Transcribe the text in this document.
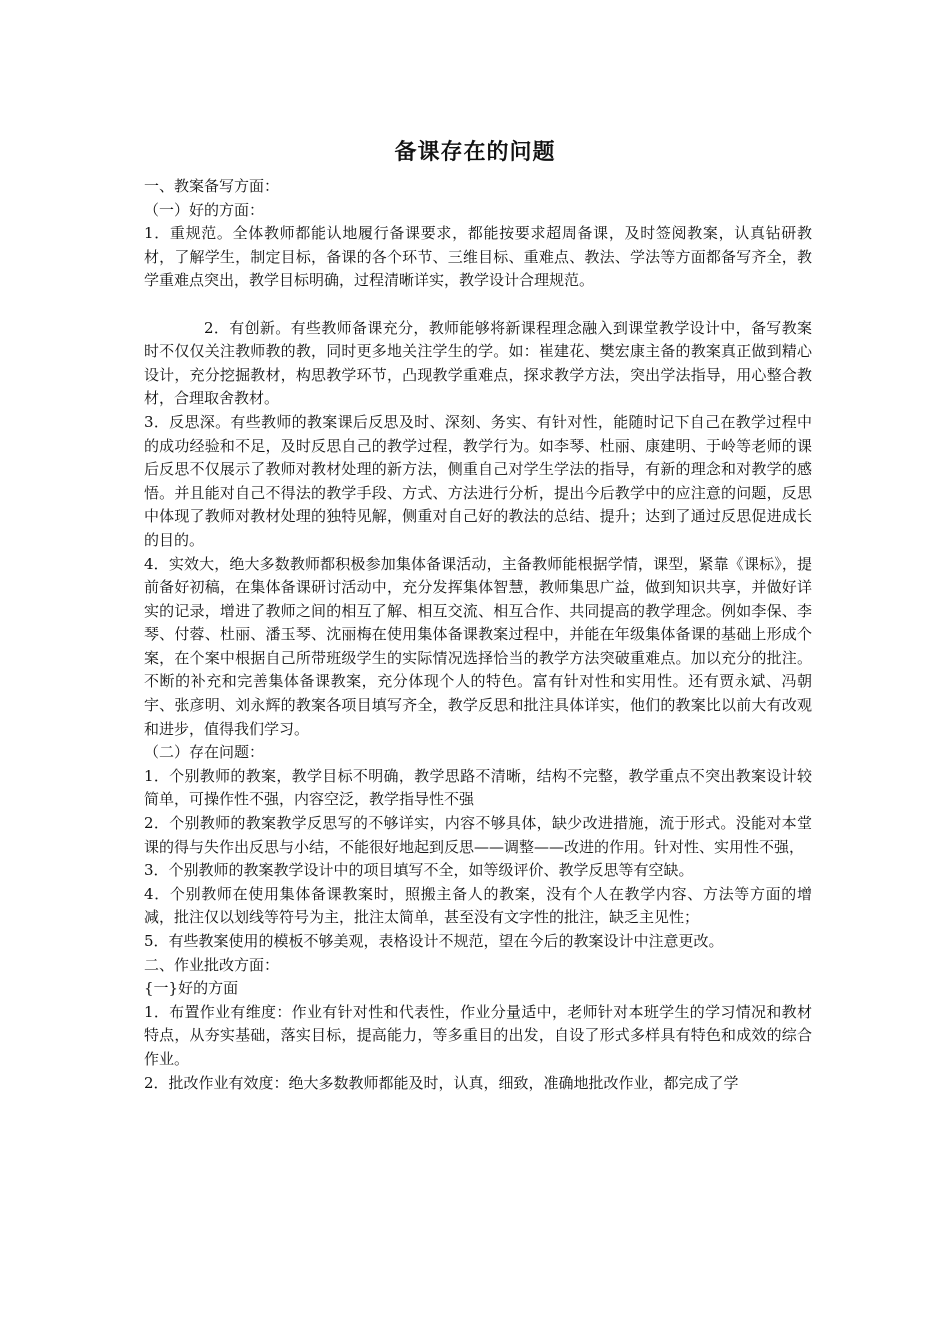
备课存在的问题

一、教案备写方面：

（一）好的方面：

1．重规范。全体教师都能认地履行备课要求，都能按要求超周备课，及时签阅教案，认真钻研教材，了解学生，制定目标，备课的各个环节、三维目标、重难点、教法、学法等方面都备写齐全，教学重难点突出，教学目标明确，过程清晰详实，教学设计合理规范。

2．有创新。有些教师备课充分，教师能够将新课程理念融入到课堂教学设计中，备写教案时不仅仅关注教师教的教，同时更多地关注学生的学。如：崔建花、樊宏康主备的教案真正做到精心设计，充分挖掘教材，构思教学环节，凸现教学重难点，探求教学方法，突出学法指导，用心整合教材，合理取舍教材。

3．反思深。有些教师的教案课后反思及时、深刻、务实、有针对性，能随时记下自己在教学过程中的成功经验和不足，及时反思自己的教学过程，教学行为。如李琴、杜丽、康建明、于岭等老师的课后反思不仅展示了教师对教材处理的新方法，侧重自己对学生学法的指导，有新的理念和对教学的感悟。并且能对自己不得法的教学手段、方式、方法进行分析，提出今后教学中的应注意的问题，反思中体现了教师对教材处理的独特见解，侧重对自己好的教法的总结、提升；达到了通过反思促进成长的目的。

4．实效大，绝大多数教师都积极参加集体备课活动，主备教师能根据学情，课型，紧靠《课标》，提前备好初稿，在集体备课研讨活动中，充分发挥集体智慧，教师集思广益，做到知识共享，并做好详实的记录，增进了教师之间的相互了解、相互交流、相互合作、共同提高的教学理念。例如李保、李琴、付蓉、杜丽、潘玉琴、沈丽梅在使用集体备课教案过程中，并能在年级集体备课的基础上形成个案，在个案中根据自己所带班级学生的实际情况选择恰当的教学方法突破重难点。加以充分的批注。不断的补充和完善集体备课教案，充分体现个人的特色。富有针对性和实用性。还有贾永斌、冯朝宇、张彦明、刘永辉的教案各项目填写齐全，教学反思和批注具体详实，他们的教案比以前大有改观和进步，值得我们学习。

（二）存在问题：

1．个别教师的教案，教学目标不明确，教学思路不清晰，结构不完整，教学重点不突出教案设计较简单，可操作性不强，内容空泛，教学指导性不强

2．个别教师的教案教学反思写的不够详实，内容不够具体，缺少改进措施，流于形式。没能对本堂课的得与失作出反思与小结，不能很好地起到反思——调整——改进的作用。针对性、实用性不强，

3．个别教师的教案教学设计中的项目填写不全，如等级评价、教学反思等有空缺。

4．个别教师在使用集体备课教案时，照搬主备人的教案，没有个人在教学内容、方法等方面的增减，批注仅以划线等符号为主，批注太简单，甚至没有文字性的批注，缺乏主见性；

5．有些教案使用的模板不够美观，表格设计不规范，望在今后的教案设计中注意更改。

二、作业批改方面：

{一}好的方面

1．布置作业有维度：作业有针对性和代表性，作业分量适中，老师针对本班学生的学习情况和教材特点，从夯实基础，落实目标，提高能力，等多重目的出发，自设了形式多样具有特色和成效的综合作业。

2．批改作业有效度：绝大多数教师都能及时，认真，细致，准确地批改作业，都完成了学
